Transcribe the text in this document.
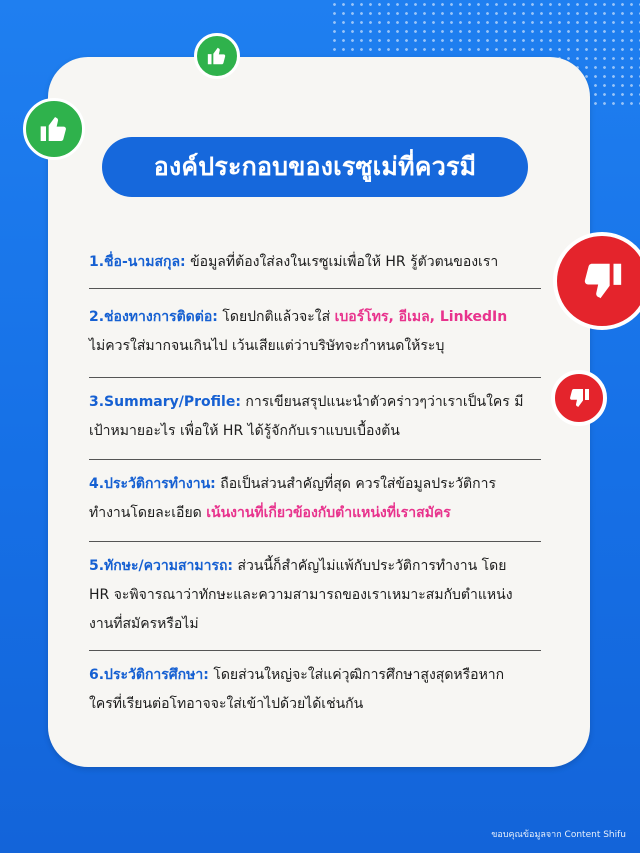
องค์ประกอบของเรซูเม่ที่ควรมี
1.ชื่อ-นามสกุล: ข้อมูลที่ต้องใส่ลงในเรซูเม่เพื่อให้ HR รู้ตัวตนของเรา
2.ช่องทางการติดต่อ: โดยปกติแล้วจะใส่ เบอร์โทร, อีเมล, LinkedIn
ไม่ควรใส่มากจนเกินไป เว้นเสียแต่ว่าบริษัทจะกำหนดให้ระบุ
3.Summary/Profile: การเขียนสรุปแนะนำตัวคร่าวๆว่าเราเป็นใคร มี
เป้าหมายอะไร เพื่อให้ HR ได้รู้จักกับเราแบบเบื้องต้น
4.ประวัติการทำงาน: ถือเป็นส่วนสำคัญที่สุด ควรใส่ข้อมูลประวัติการ
ทำงานโดยละเอียด เน้นงานที่เกี่ยวข้องกับตำแหน่งที่เราสมัคร
5.ทักษะ/ความสามารถ: ส่วนนี้ก็สำคัญไม่แพ้กับประวัติการทำงาน โดย
HR จะพิจารณาว่าทักษะและความสามารถของเราเหมาะสมกับตำแหน่ง
งานที่สมัครหรือไม่
6.ประวัติการศึกษา: โดยส่วนใหญ่จะใส่แค่วุฒิการศึกษาสูงสุดหรือหาก
ใครที่เรียนต่อโทอาจจะใส่เข้าไปด้วยได้เช่นกัน
ขอบคุณข้อมูลจาก Content Shifu
